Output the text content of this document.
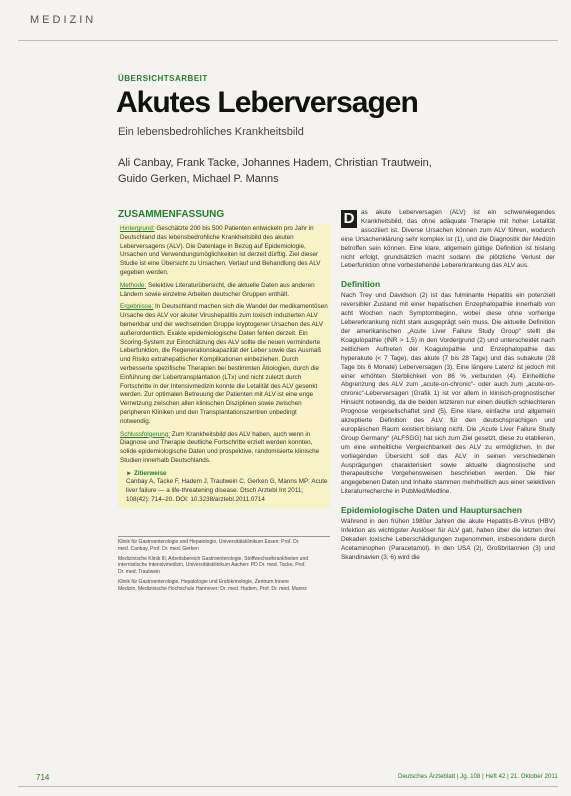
MEDIZIN
ÜBERSICHTSARBEIT
Akutes Leberversagen
Ein lebensbedrohliches Krankheitsbild
Ali Canbay, Frank Tacke, Johannes Hadem, Christian Trautwein,
Guido Gerken, Michael P. Manns
ZUSAMMENFASSUNG

Hintergrund: Geschätzte 200 bis 500 Patienten entwickeln pro Jahr in Deutschland das lebensbedrohliche Krankheitsbild des akuten Leberversagens (ALV). Die Datenlage in Bezug auf Epidemiologie, Ursachen und Verwendungsmöglichkeiten ist derzeit dürftig. Ziel dieser Studie ist eine Übersicht zu Ursachen, Verlauf und Behandlung des ALV gegeben werden.

Methode: Selektive Literaturübersicht, die aktuelle Daten aus anderen Ländern sowie einzelne Arbeiten deutscher Gruppen enthält.

Ergebnisse: In Deutschland machen sich die Wandel der medikamentösen Ursache des ALV vor akuter Virushepatitis zum toxisch induzierten ALV bemerkbar und der wechselnden Gruppe kryptogener Ursachen des ALV außerordentlich. Exakte epidemiologische Daten fehlen derzeit. Ein Scoring-System zur Einschätzung des ALV sollte die neuen verminderte Leberfunktion, die Regenerationskapazität der Leber sowie das Ausmaß und Risiko extrahepatischer Komplikationen einbeziehen. Durch verbesserte spezifische Therapien bei bestimmten Ätiologien, durch die Einführung der Lebertransplantation (LTx) und nicht zuletzt durch Fortschritte in der Intensivmedizin konnte die Letalität des ALV gesenkt werden. Zur optimalen Betreuung der Patienten mit ALV ist eine enge Vernetzung zwischen allen klinischen Disziplinen sowie zwischen peripheren Kliniken und den Transplantationszentren unbedingt notwendig.

Schlussfolgerung: Zum Krankheitsbild des ALV haben, auch wenn in Diagnose und Therapie deutliche Fortschritte erzielt werden konnten, solide epidemiologische Daten und prospektive, randomisierte klinische Studien innerhalb Deutschlands.

► Zitierweise
Canbay A, Tacke F, Hadem J, Trautwein C, Gerken G, Manns MP: Acute liver failure — a life-threatening disease. Dtsch Arztebl Int 2011; 108(42): 714–20. DOI: 10.3238/arztebl.2011.0714
Klinik für Gastroenterologie und Hepatologie, Universitätsklinikum Essen: Prof. Dr. med. Canbay, Prof. Dr. med. Gerken
Medizinische Klinik III, Arbeitsbereich Gastroenterologie, Stoffwechselkrankheiten und internistische Intensivmedizin, Universitätsklinikum Aachen: PD Dr. med. Tacke, Prof. Dr. med. Trautwein
Klinik für Gastroenterologie, Hepatologie und Endokrinologie, Zentrum Innere Medizin, Medizinische Hochschule Hannover: Dr. med. Hadem, Prof. Dr. med. Manns

D	as akute Leberversagen (ALV) ist ein schwerwiegendes Krankheitsbild, das ohne adäquate Therapie mit hoher Letalität assoziiert ist. Diverse Ursachen können zum ALV führen, wodurch eine Ursachenklärung sehr komplex ist (1), und die Diagnostik der Medizin betroffen sein können. Eine klare, allgemein gültige Definition ist bislang nicht erfolgt, grundsätzlich macht sodann die plötzliche Verlust der Leberfunktion ohne vorbestehende Lebererkrankung das ALV aus.

Definition

Nach Trey und Davidson (2) ist das fulminante Hepatitis ein potenziell reversibler Zustand mit einer hepatischen Enzephalopathie innerhalb von acht Wochen nach Symptombeginn, wobei diese ohne vorherige Lebererkrankung nicht stark ausgeprägt sein muss. Die aktuelle Definition der amerikanischen „Acute Liver Failure Study Group“ stellt die Koagulopathie (INR > 1,5) in den Vordergrund (2) und unterscheidet nach zeitlichem Auftreten der Koagulopathie und Enzephalopathie das hyperakute (< 7 Tage), das akute (7 bis 28 Tage) und das subakute (28 Tage bis 6 Monate) Leberversagen (3). Eine längere Latenz ist jedoch mit einer erhöhten Sterblichkeit von 86 % verbunden (4). Einheitliche Abgrenzung des ALV zum „acute-on-chronic“- oder auch zum „acute-on-chronic“-Leberversagen (Grafik 1) ist vor allem in klinisch-prognostischer Hinsicht notwendig, da die beiden letzteren nur einen deutlich schlechteren Prognose vergesellschaftet sind (5). Eine klare, einfache und allgemein akzeptierte Definition des ALV für den deutschsprachigen und europäischen Raum existiert bislang nicht. Die „Acute Liver Failure Study Group Germany“ (ALFSGG) hat sich zum Ziel gesetzt, diese zu etablieren, um eine einheitliche Vergleichbarkeit des ALV zu ermöglichen. In der vorliegenden Übersicht soll das ALV in seinen verschiedenen Ausprägungen charakterisiert sowie aktuelle diagnostische und therapeutische Vorgehensweisen beschrieben werden. Die hier angegebenen Daten und Inhalte stammen mehrheitlich aus einer selektiven Literaturrecherche in PubMed/Medline.

Epidemiologische Daten und Hauptursachen

Während in den frühen 1980er Jahren die akute Hepatitis-B-Virus (HBV) Infektion als wichtigster Auslöser für ALV galt, haben über die letzten drei Dekaden toxische Leberschädigungen zugenommen, insbesondere durch Acetaminophen (Paracetamol). In den USA (2), Großbritannien (3) und Skandinavien (3, 6) wird die

714	Deutsches Ärzteblatt | Jg. 108 | Heft 42 | 21. Oktober 2011
